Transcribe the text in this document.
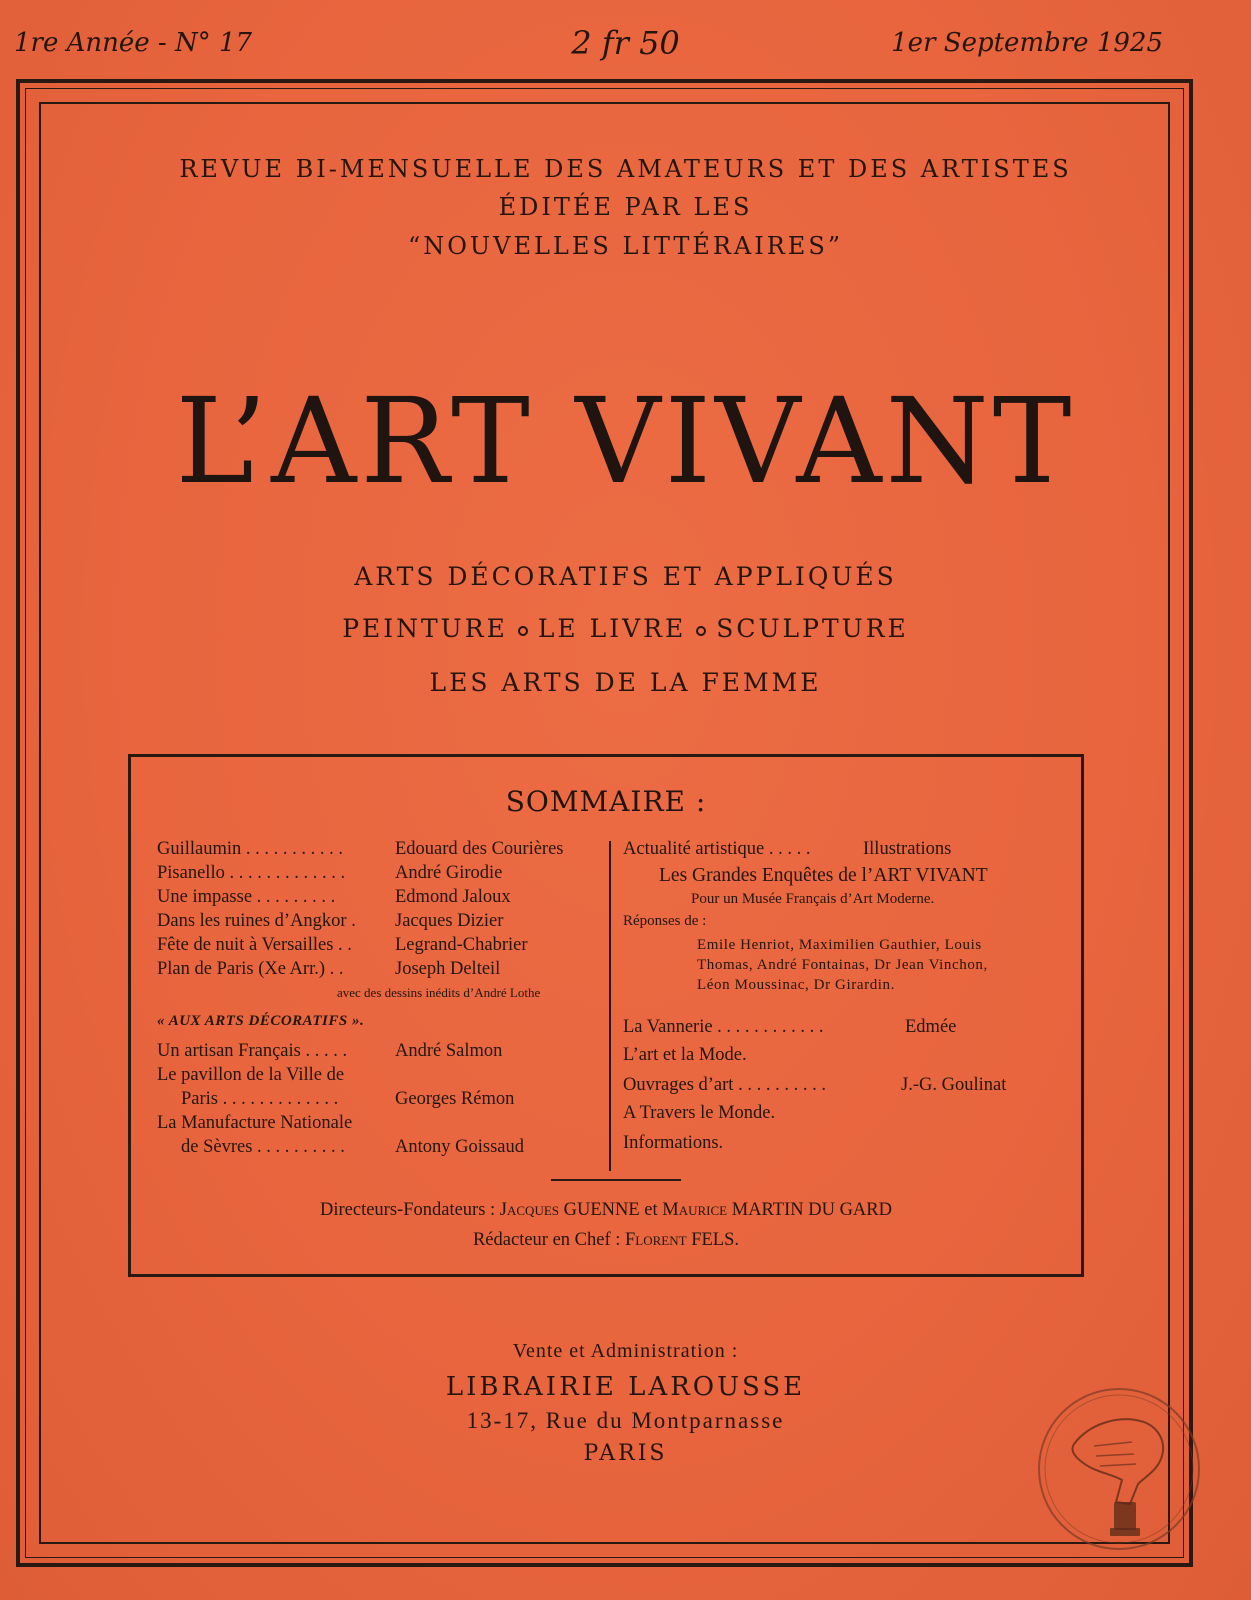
1re Année - N° 17	2 fr 50	1er Septembre 1925
REVUE BI-MENSUELLE DES AMATEURS ET DES ARTISTES
ÉDITÉE PAR LES
“NOUVELLES LITTÉRAIRES”
L’ART VIVANT
ARTS DÉCORATIFS ET APPLIQUÉS
PEINTURE LE LIVRE SCULPTURE
LES ARTS DE LA FEMME
SOMMAIRE :
Guillaumin . . . . . . . . . . .	Edouard des Courières
Pisanello . . . . . . . . . . . . .	André Girodie
Une impasse . . . . . . . . .	Edmond Jaloux
Dans les ruines d’Angkor . Jacques Dizier
Fête de nuit à Versailles . . Legrand-Chabrier
Plan de Paris (Xe Arr.) . .	Joseph Delteil
avec des dessins inédits d’André Lothe
« AUX ARTS DÉCORATIFS ».
Un artisan Français . . . . .	André Salmon
Le pavillon de la Ville de
Paris . . . . . . . . . . . . .	Georges Rémon
La Manufacture Nationale
de Sèvres . . . . . . . . . .	Antony Goissaud
Actualité artistique . . . . .	Illustrations
Les Grandes Enquêtes de l’ART VIVANT
Pour un Musée Français d’Art Moderne.
Réponses de :
Emile Henriot, Maximilien Gauthier, Louis
Thomas, André Fontainas, Dr Jean Vinchon,
Léon Moussinac, Dr Girardin.
La Vannerie . . . . . . . . . . . .	Edmée
L’art et la Mode.
Ouvrages d’art . . . . . . . . . .	J.-G. Goulinat
A Travers le Monde.
Informations.
Directeurs-Fondateurs : Jacques GUENNE et Maurice MARTIN DU GARD
Rédacteur en Chef : Florent FELS.
Vente et Administration :
LIBRAIRIE LAROUSSE
13-17, Rue du Montparnasse
PARIS
